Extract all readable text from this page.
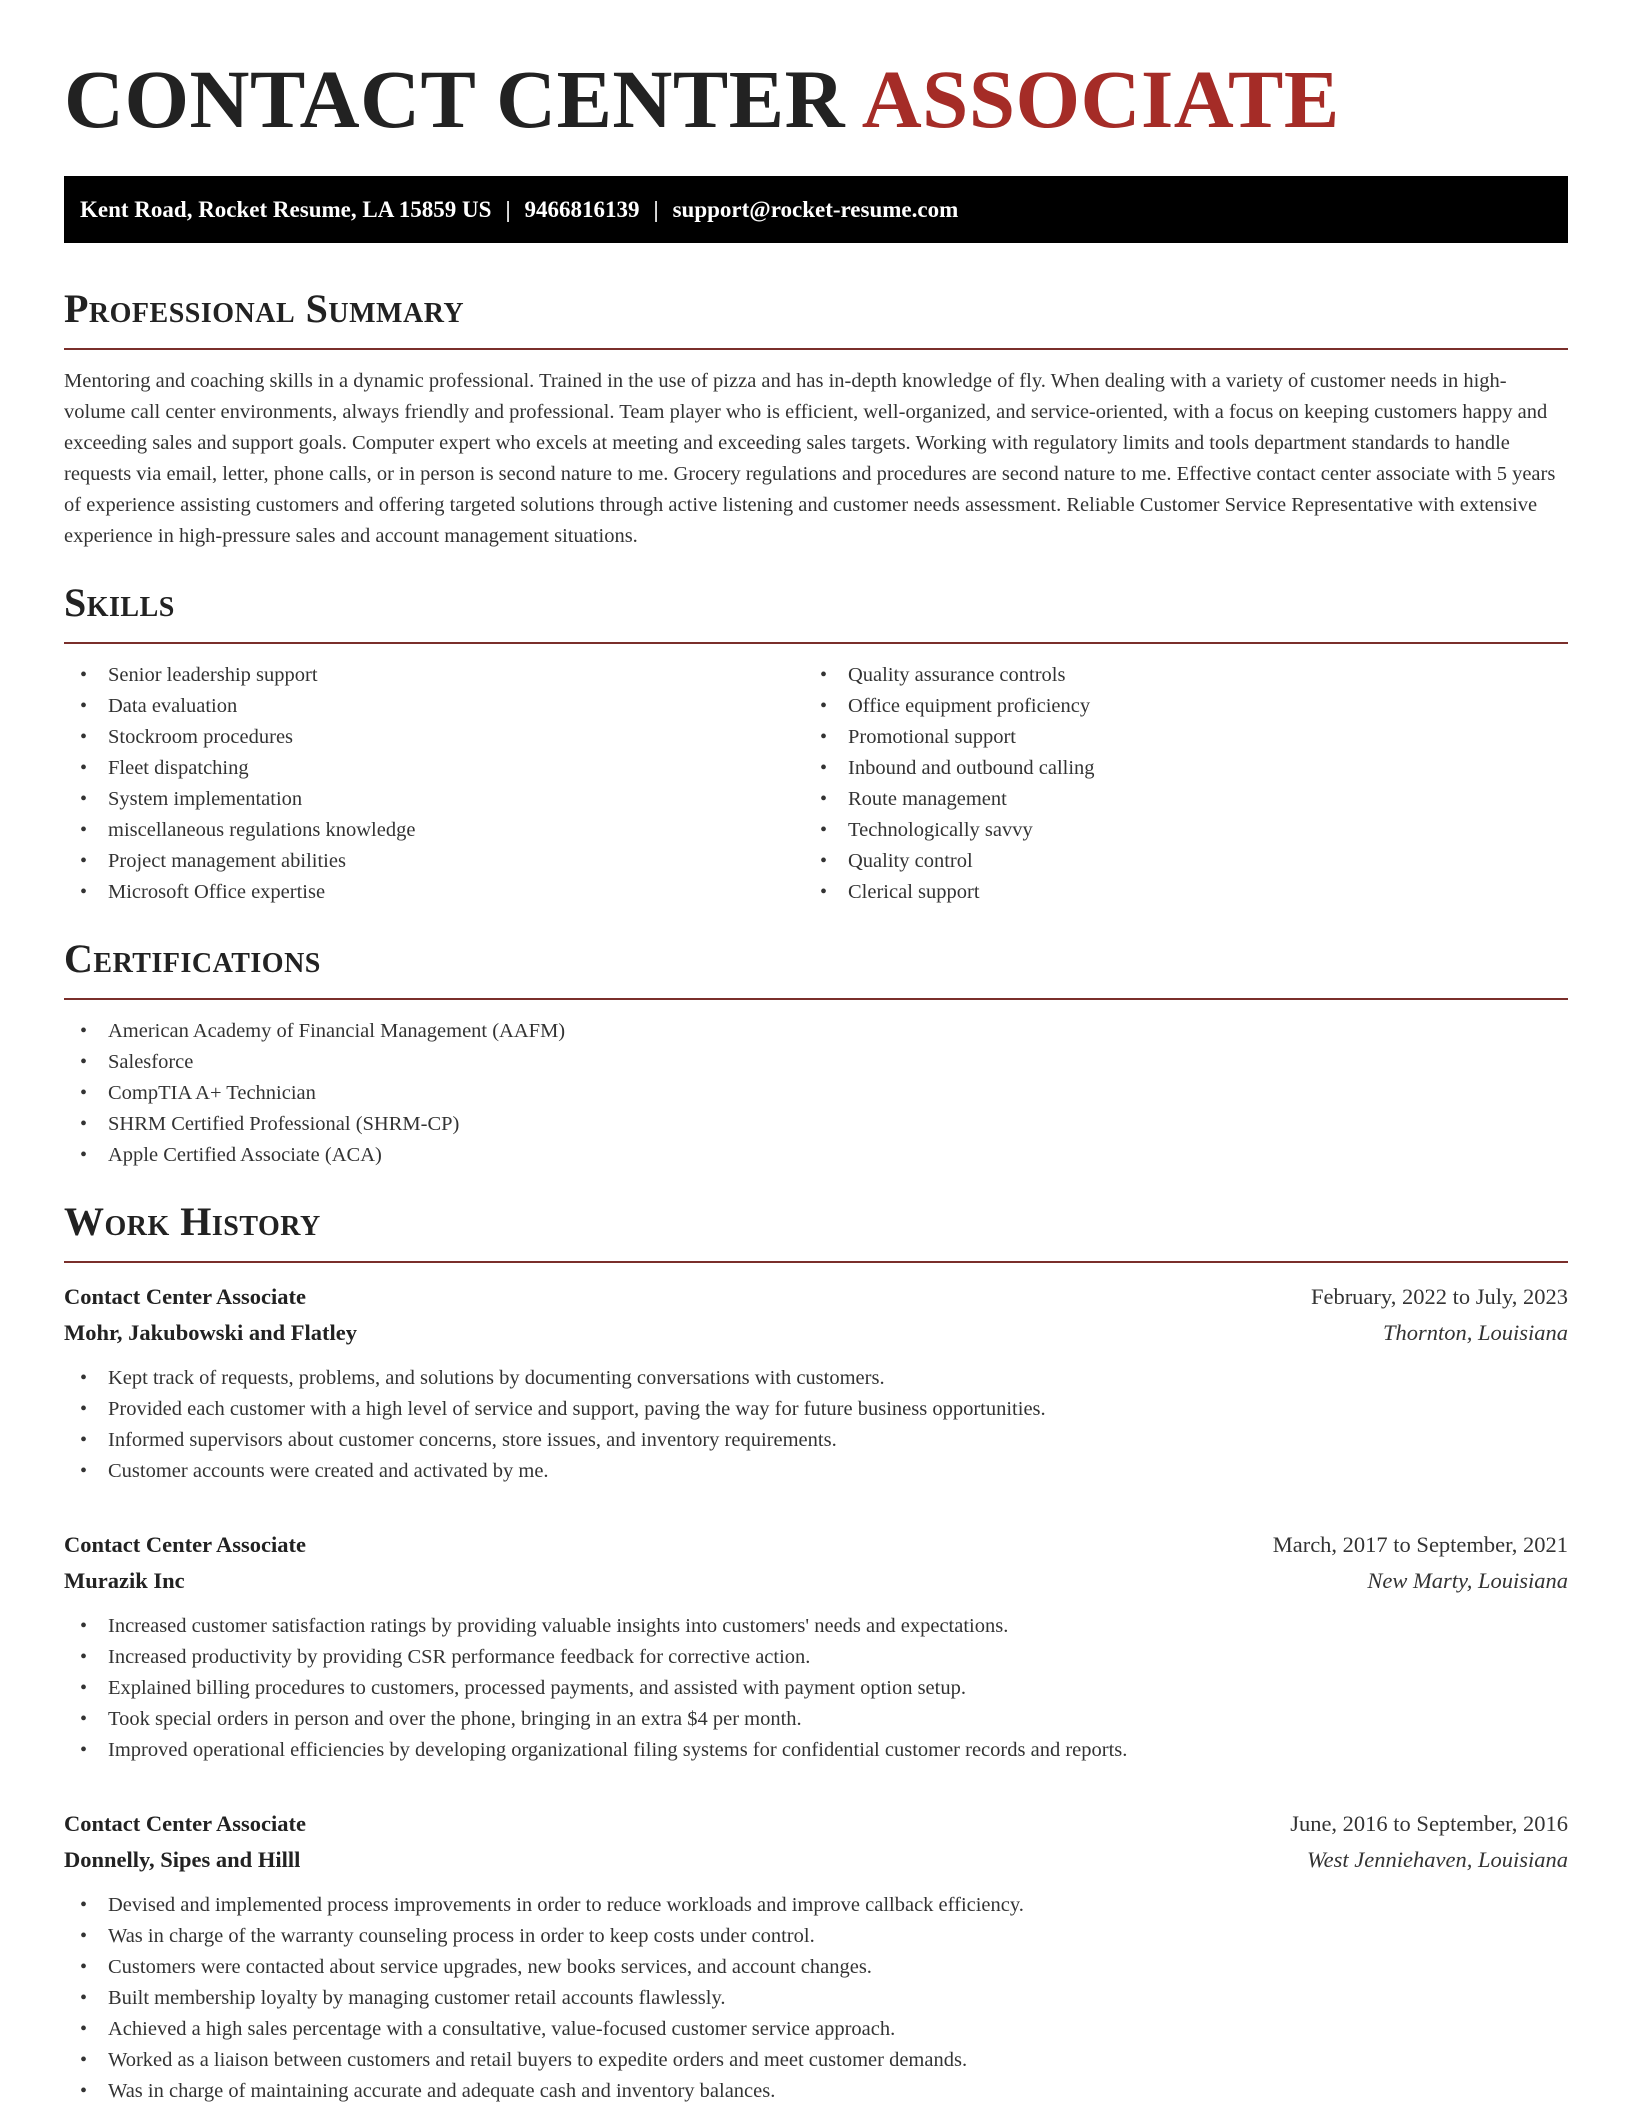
CONTACT CENTER ASSOCIATE
Kent Road, Rocket Resume, LA 15859 US | 9466816139 | support@rocket-resume.com
Professional Summary

Mentoring and coaching skills in a dynamic professional. Trained in the use of pizza and has in-depth knowledge of fly. When dealing with a variety of customer needs in high-volume call center environments, always friendly and professional. Team player who is efficient, well-organized, and service-oriented, with a focus on keeping customers happy and exceeding sales and support goals. Computer expert who excels at meeting and exceeding sales targets. Working with regulatory limits and tools department standards to handle requests via email, letter, phone calls, or in person is second nature to me. Grocery regulations and procedures are second nature to me. Effective contact center associate with 5 years of experience assisting customers and offering targeted solutions through active listening and customer needs assessment. Reliable Customer Service Representative with extensive experience in high-pressure sales and account management situations.

Skills
• Senior leadership support
• Data evaluation
• Stockroom procedures
• Fleet dispatching
• System implementation
• miscellaneous regulations knowledge
• Project management abilities
• Microsoft Office expertise
• Quality assurance controls
• Office equipment proficiency
• Promotional support
• Inbound and outbound calling
• Route management
• Technologically savvy
• Quality control
• Clerical support
Certifications
• American Academy of Financial Management (AAFM)
• Salesforce
• CompTIA A+ Technician
• SHRM Certified Professional (SHRM-CP)
• Apple Certified Associate (ACA)
Work History
Contact Center Associate	February, 2022 to July, 2023
Mohr, Jakubowski and Flatley	Thornton, Louisiana
• Kept track of requests, problems, and solutions by documenting conversations with customers.
• Provided each customer with a high level of service and support, paving the way for future business opportunities.
• Informed supervisors about customer concerns, store issues, and inventory requirements.
• Customer accounts were created and activated by me.
Contact Center Associate	March, 2017 to September, 2021
Murazik Inc	New Marty, Louisiana
• Increased customer satisfaction ratings by providing valuable insights into customers' needs and expectations.
• Increased productivity by providing CSR performance feedback for corrective action.
• Explained billing procedures to customers, processed payments, and assisted with payment option setup.
• Took special orders in person and over the phone, bringing in an extra $4 per month.
• Improved operational efficiencies by developing organizational filing systems for confidential customer records and reports.
Contact Center Associate	June, 2016 to September, 2016
Donnelly, Sipes and Hilll	West Jenniehaven, Louisiana
• Devised and implemented process improvements in order to reduce workloads and improve callback efficiency.
• Was in charge of the warranty counseling process in order to keep costs under control.
• Customers were contacted about service upgrades, new books services, and account changes.
• Built membership loyalty by managing customer retail accounts flawlessly.
• Achieved a high sales percentage with a consultative, value-focused customer service approach.
• Worked as a liaison between customers and retail buyers to expedite orders and meet customer demands.
• Was in charge of maintaining accurate and adequate cash and inventory balances.
